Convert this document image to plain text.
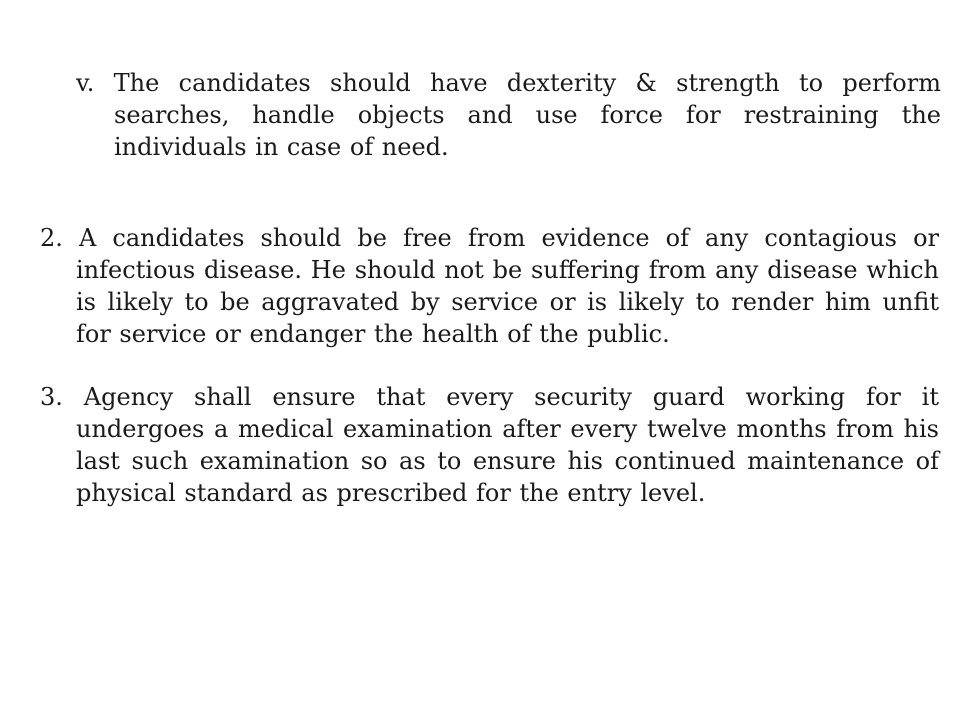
v. The candidates should have dexterity & strength to perform searches, handle objects and use force for restraining the individuals in case of need.

2. A candidates should be free from evidence of any contagious or infectious disease. He should not be suffering from any disease which is likely to be aggravated by service or is likely to render him unfit for service or endanger the health of the public.

3. Agency shall ensure that every security guard working for it undergoes a medical examination after every twelve months from his last such examination so as to ensure his continued maintenance of physical standard as prescribed for the entry level.
